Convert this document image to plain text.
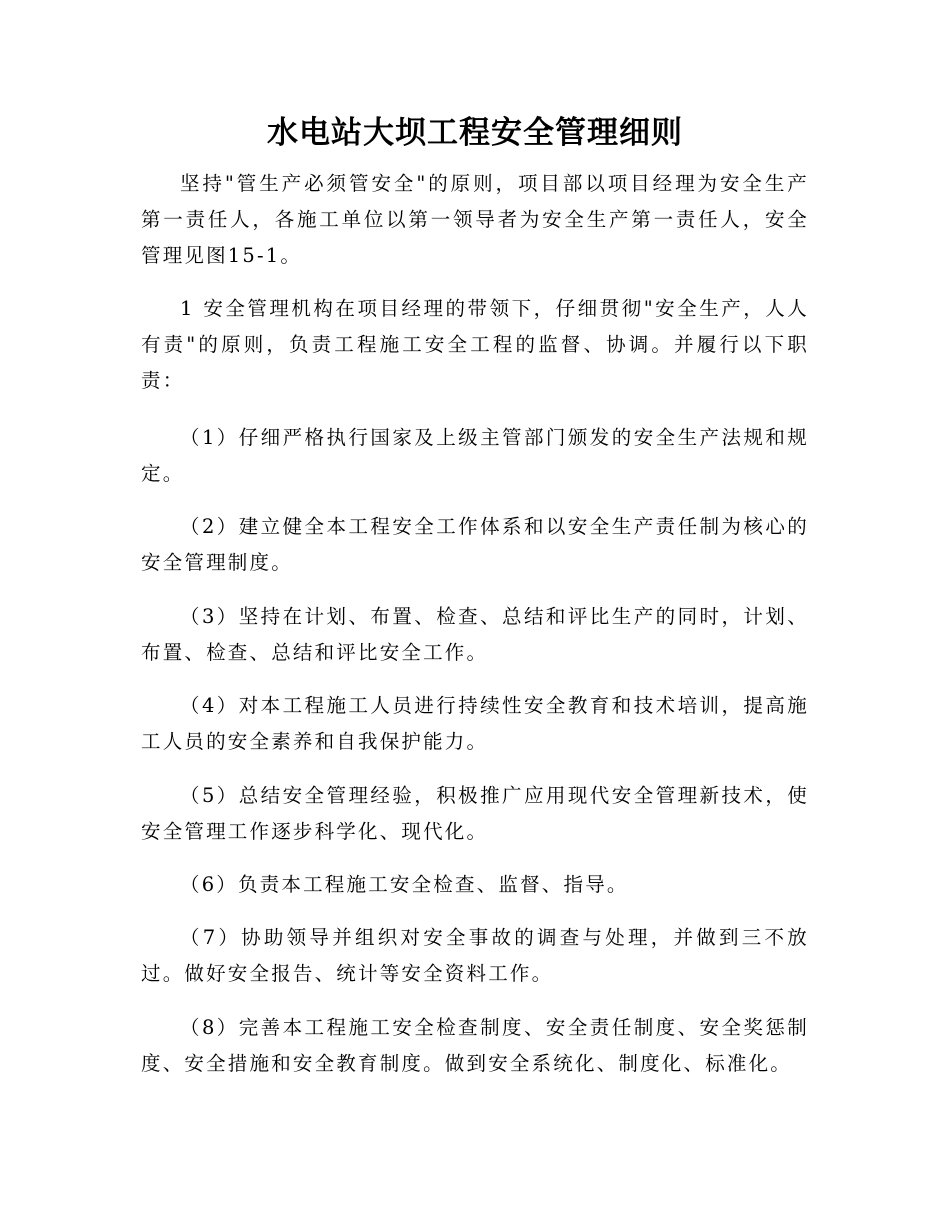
水电站大坝工程安全管理细则

坚持"管生产必须管安全"的原则，项目部以项目经理为安全生产第一责任人，各施工单位以第一领导者为安全生产第一责任人，安全管理见图15-1。

1 安全管理机构在项目经理的带领下，仔细贯彻"安全生产，人人有责"的原则，负责工程施工安全工程的监督、协调。并履行以下职责：

（1）仔细严格执行国家及上级主管部门颁发的安全生产法规和规定。

（2）建立健全本工程安全工作体系和以安全生产责任制为核心的安全管理制度。

（3）坚持在计划、布置、检查、总结和评比生产的同时，计划、布置、检查、总结和评比安全工作。

（4）对本工程施工人员进行持续性安全教育和技术培训，提高施工人员的安全素养和自我保护能力。

（5）总结安全管理经验，积极推广应用现代安全管理新技术，使安全管理工作逐步科学化、现代化。

（6）负责本工程施工安全检查、监督、指导。

（7）协助领导并组织对安全事故的调查与处理，并做到三不放过。做好安全报告、统计等安全资料工作。

（8）完善本工程施工安全检查制度、安全责任制度、安全奖惩制度、安全措施和安全教育制度。做到安全系统化、制度化、标准化。
